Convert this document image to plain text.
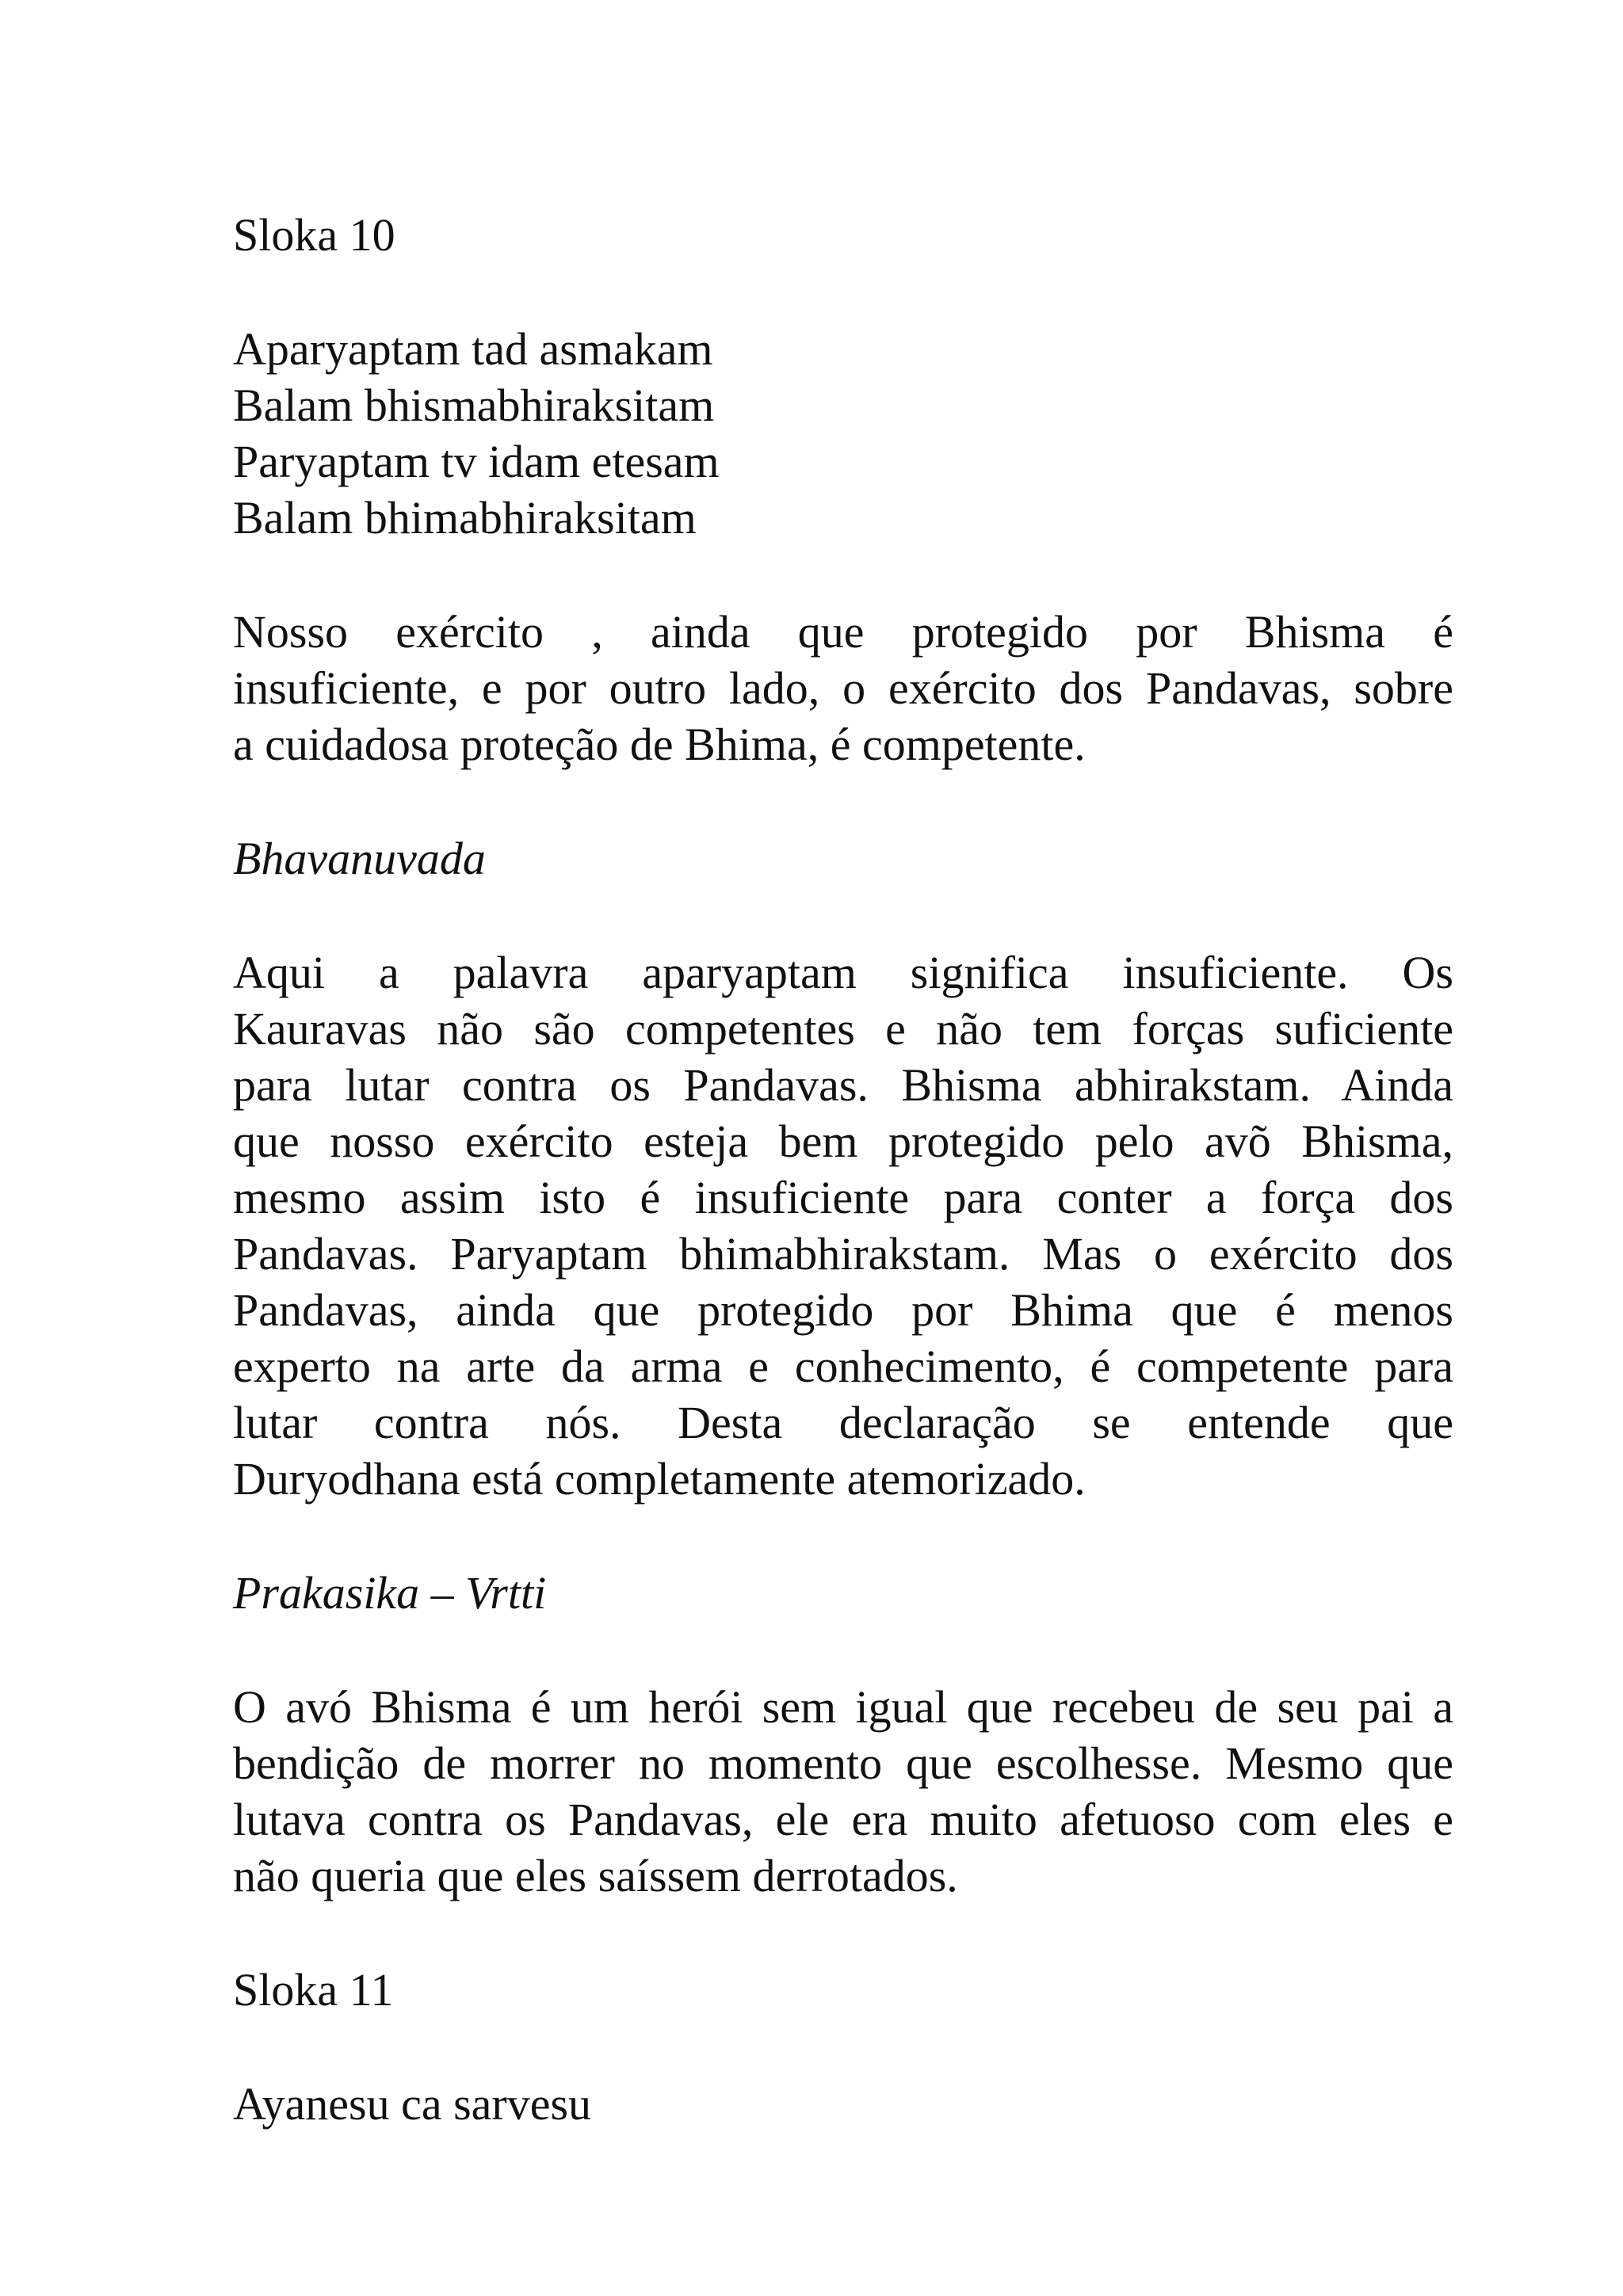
Sloka 10
Aparyaptam tad asmakam
Balam bhismabhiraksitam
Paryaptam tv idam etesam
Balam bhimabhiraksitam
Nosso exército , ainda que protegido por Bhisma é
insuficiente, e por outro lado, o exército dos Pandavas, sobre
a cuidadosa proteção de Bhima, é competente.
Bhavanuvada
Aqui a palavra aparyaptam significa insuficiente. Os
Kauravas não são competentes e não tem forças suficiente
para lutar contra os Pandavas. Bhisma abhirakstam. Ainda
que nosso exército esteja bem protegido pelo avõ Bhisma,
mesmo assim isto é insuficiente para conter a força dos
Pandavas. Paryaptam bhimabhirakstam. Mas o exército dos
Pandavas, ainda que protegido por Bhima que é menos
experto na arte da arma e conhecimento, é competente para
lutar contra nós. Desta declaração se entende que
Duryodhana está completamente atemorizado.
Prakasika – Vrtti
O avó Bhisma é um herói sem igual que recebeu de seu pai a
bendição de morrer no momento que escolhesse. Mesmo que
lutava contra os Pandavas, ele era muito afetuoso com eles e
não queria que eles saíssem derrotados.
Sloka 11
Ayanesu ca sarvesu
